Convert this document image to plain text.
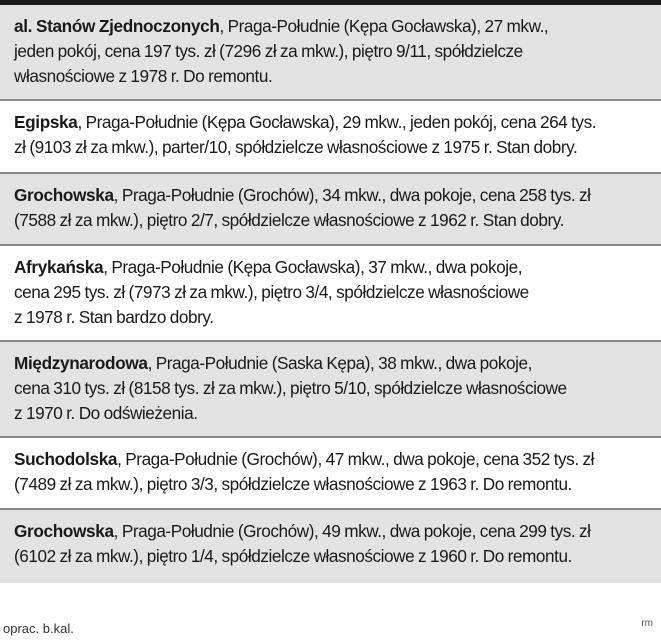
al. Stanów Zjednoczonych, Praga-Południe (Kępa Gocławska), 27 mkw.,
jeden pokój, cena 197 tys. zł (7296 zł za mkw.), piętro 9/11, spółdzielcze
własnościowe z 1978 r. Do remontu.
Egipska, Praga-Południe (Kępa Gocławska), 29 mkw., jeden pokój, cena 264 tys.
zł (9103 zł za mkw.), parter/10, spółdzielcze własnościowe z 1975 r. Stan dobry.
Grochowska, Praga-Południe (Grochów), 34 mkw., dwa pokoje, cena 258 tys. zł
(7588 zł za mkw.), piętro 2/7, spółdzielcze własnościowe z 1962 r. Stan dobry.
Afrykańska, Praga-Południe (Kępa Gocławska), 37 mkw., dwa pokoje,
cena 295 tys. zł (7973 zł za mkw.), piętro 3/4, spółdzielcze własnościowe
z 1978 r. Stan bardzo dobry.
Międzynarodowa, Praga-Południe (Saska Kępa), 38 mkw., dwa pokoje,
cena 310 tys. zł (8158 tys. zł za mkw.), piętro 5/10, spółdzielcze własnościowe
z 1970 r. Do odświeżenia.
Suchodolska, Praga-Południe (Grochów), 47 mkw., dwa pokoje, cena 352 tys. zł
(7489 zł za mkw.), piętro 3/3, spółdzielcze własnościowe z 1963 r. Do remontu.
Grochowska, Praga-Południe (Grochów), 49 mkw., dwa pokoje, cena 299 tys. zł
(6102 zł za mkw.), piętro 1/4, spółdzielcze własnościowe z 1960 r. Do remontu.
oprac. b.kal.	rm
